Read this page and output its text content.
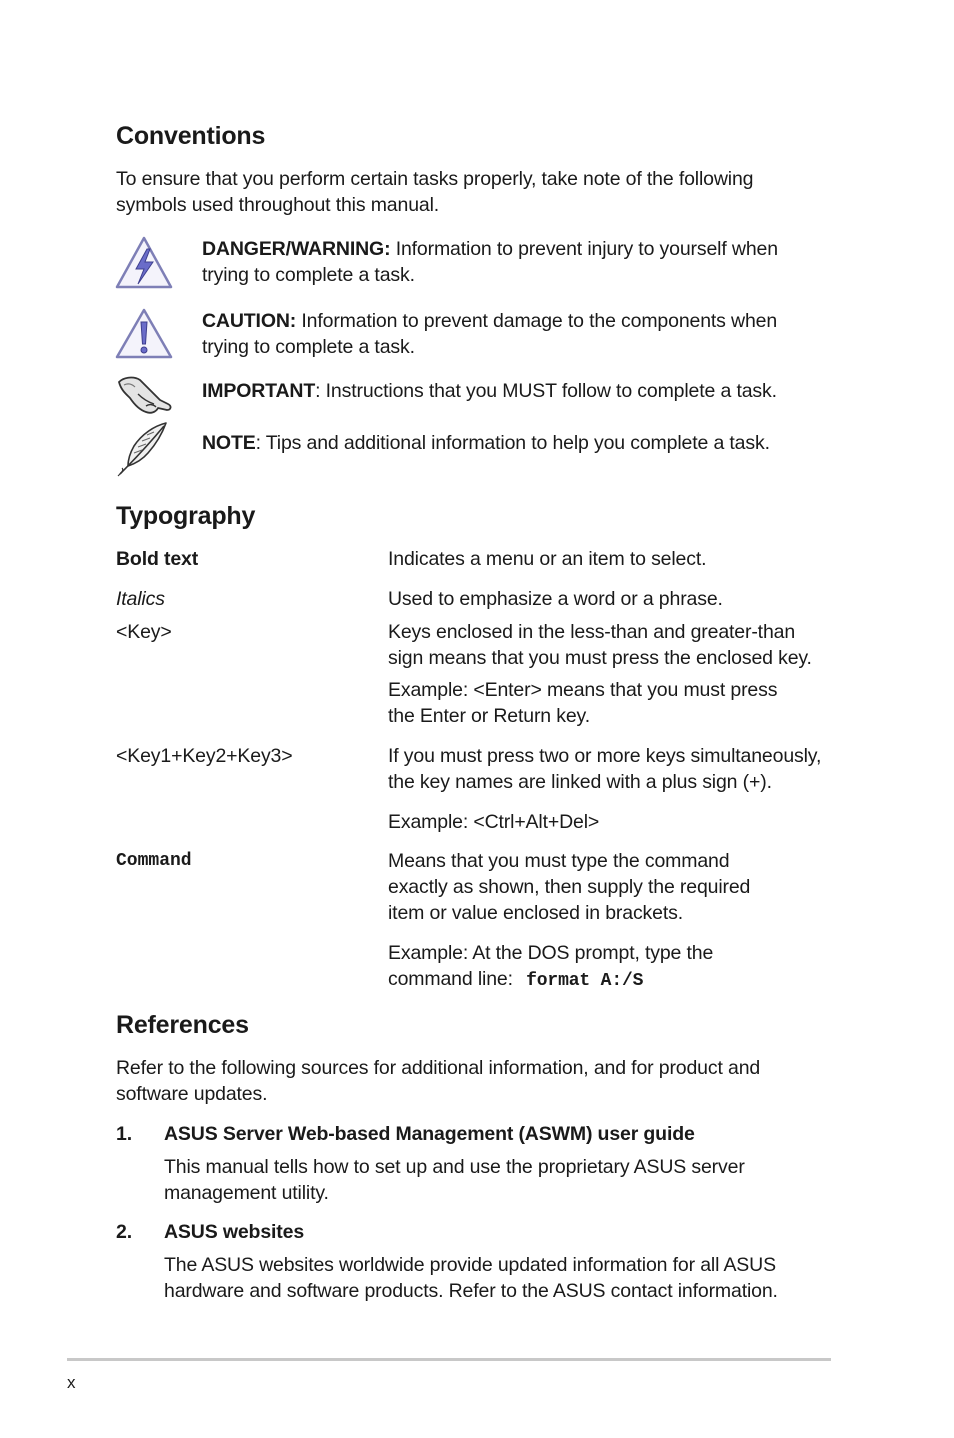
Conventions
To ensure that you perform certain tasks properly, take note of the following
symbols used throughout this manual.
DANGER/WARNING: Information to prevent injury to yourself when
trying to complete a task.
CAUTION: Information to prevent damage to the components when
trying to complete a task.
IMPORTANT: Instructions that you MUST follow to complete a task.
NOTE: Tips and additional information to help you complete a task.
Typography
Bold text	Indicates a menu or an item to select.
Italics	Used to emphasize a word or a phrase.
<Key>	Keys enclosed in the less-than and greater-than
sign means that you must press the enclosed key.
Example: <Enter> means that you must press
the Enter or Return key.
<Key1+Key2+Key3>	If you must press two or more keys simultaneously,
the key names are linked with a plus sign (+).
Example: <Ctrl+Alt+Del>
Command	Means that you must type the command
exactly as shown, then supply the required
item or value enclosed in brackets.
Example: At the DOS prompt, type the
command line: format A:/S
References
Refer to the following sources for additional information, and for product and
software updates.
1. ASUS Server Web-based Management (ASWM) user guide
This manual tells how to set up and use the proprietary ASUS server
management utility.
2. ASUS websites
The ASUS websites worldwide provide updated information for all ASUS
hardware and software products. Refer to the ASUS contact information.
x
